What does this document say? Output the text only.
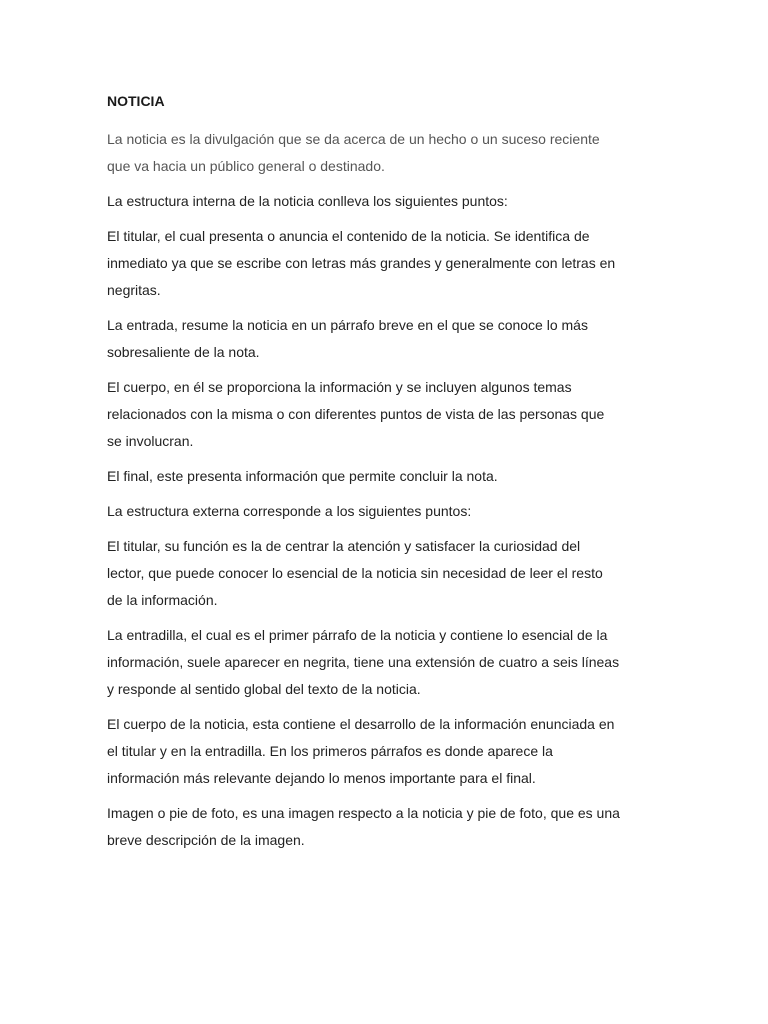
NOTICIA

La noticia es la divulgación que se da acerca de un hecho o un suceso reciente
que va hacia un público general o destinado.

La estructura interna de la noticia conlleva los siguientes puntos:

El titular, el cual presenta o anuncia el contenido de la noticia. Se identifica de
inmediato ya que se escribe con letras más grandes y generalmente con letras en
negritas.

La entrada, resume la noticia en un párrafo breve en el que se conoce lo más
sobresaliente de la nota.

El cuerpo, en él se proporciona la información y se incluyen algunos temas
relacionados con la misma o con diferentes puntos de vista de las personas que
se involucran.

El final, este presenta información que permite concluir la nota.

La estructura externa corresponde a los siguientes puntos:

El titular, su función es la de centrar la atención y satisfacer la curiosidad del
lector, que puede conocer lo esencial de la noticia sin necesidad de leer el resto
de la información.

La entradilla, el cual es el primer párrafo de la noticia y contiene lo esencial de la
información, suele aparecer en negrita, tiene una extensión de cuatro a seis líneas
y responde al sentido global del texto de la noticia.

El cuerpo de la noticia, esta contiene el desarrollo de la información enunciada en
el titular y en la entradilla. En los primeros párrafos es donde aparece la
información más relevante dejando lo menos importante para el final.

Imagen o pie de foto, es una imagen respecto a la noticia y pie de foto, que es una
breve descripción de la imagen.
